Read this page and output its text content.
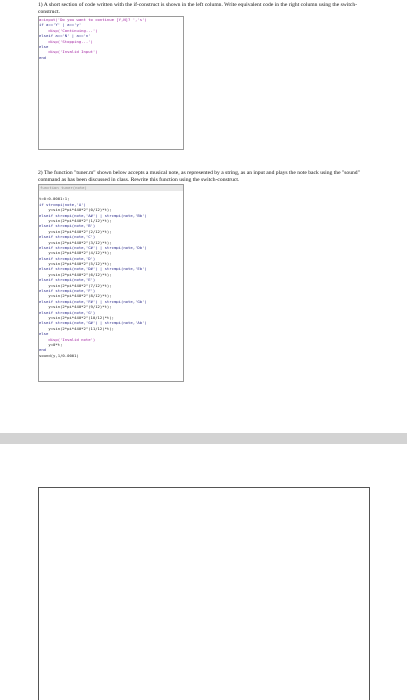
1) A short section of code written with the if-construct is shown in the left column. Write equivalent code in the right column using the switch-construct.
a=input('Do you want to continue [Y,N]? ','s')
if a=='Y' | a=='y'
disp('Continuing...')
elseif a=='N' | a=='n'
disp('Stopping...')
else
disp('Invalid Input')
end
2) The function "tuner.m" shown below accepts a musical note, as represented by a string, as an input and plays the note back using the "sound" command as has been discussed in class. Rewrite this function using the switch-construct.
function tuner(note)
t=0:0.0001:1;
if strcmpi(note,'A')
y=sin(2*pi*440*2^(0/12)*t);
elseif strcmpi(note,'A#') | strcmpi(note,'Bb')
y=sin(2*pi*440*2^(1/12)*t);
elseif strcmpi(note,'B')
y=sin(2*pi*440*2^(2/12)*t);
elseif strcmpi(note,'C')
y=sin(2*pi*440*2^(3/12)*t);
elseif strcmpi(note,'C#') | strcmpi(note,'Db')
y=sin(2*pi*440*2^(4/12)*t);
elseif strcmpi(note,'D')
y=sin(2*pi*440*2^(5/12)*t);
elseif strcmpi(note,'D#') | strcmpi(note,'Eb')
y=sin(2*pi*440*2^(6/12)*t);
elseif strcmpi(note,'E')
y=sin(2*pi*440*2^(7/12)*t);
elseif strcmpi(note,'F')
y=sin(2*pi*440*2^(8/12)*t);
elseif strcmpi(note,'F#') | strcmpi(note,'Gb')
y=sin(2*pi*440*2^(9/12)*t);
elseif strcmpi(note,'G')
y=sin(2*pi*440*2^(10/12)*t);
elseif strcmpi(note,'G#') | strcmpi(note,'Ab')
y=sin(2*pi*440*2^(11/12)*t);
else
disp('Invalid note')
y=0*t;
end
sound(y,1/0.0001)
